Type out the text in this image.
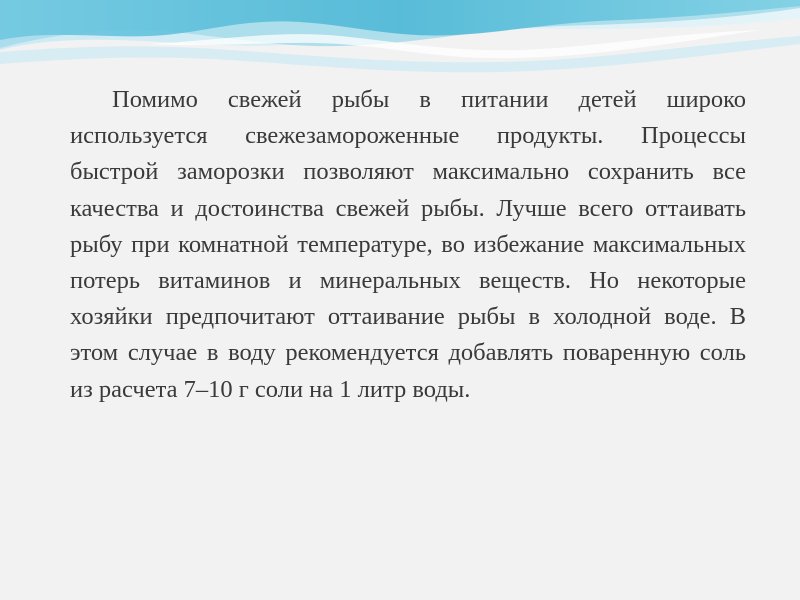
Помимо свежей рыбы в питании детей широко используется свежезамороженные продукты. Процессы быстрой заморозки позволяют максимально сохранить все качества и достоинства свежей рыбы. Лучше всего оттаивать рыбу при комнатной температуре, во избежание максимальных потерь витаминов и минеральных веществ. Но некоторые хозяйки предпочитают оттаивание рыбы в холодной воде. В этом случае в воду рекомендуется добавлять поваренную соль из расчета 7–10 г соли на 1 литр воды.
